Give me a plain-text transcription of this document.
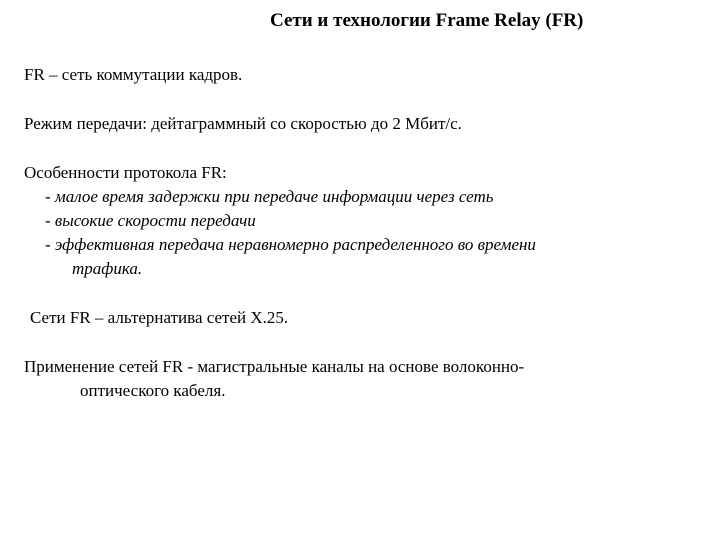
Сети и технологии Frame Relay (FR)

FR – сеть коммутации кадров.

Режим передачи: дейтаграммный со скоростью до 2 Мбит/с.

Особенности протокола FR:

- малое время задержки при передаче информации через сеть

- высокие скорости передачи

- эффективная передача неравномерно распределенного во времени

трафика.

Сети FR – альтернатива сетей X.25.

Применение сетей FR - магистральные каналы на основе волоконно-

оптического кабеля.
